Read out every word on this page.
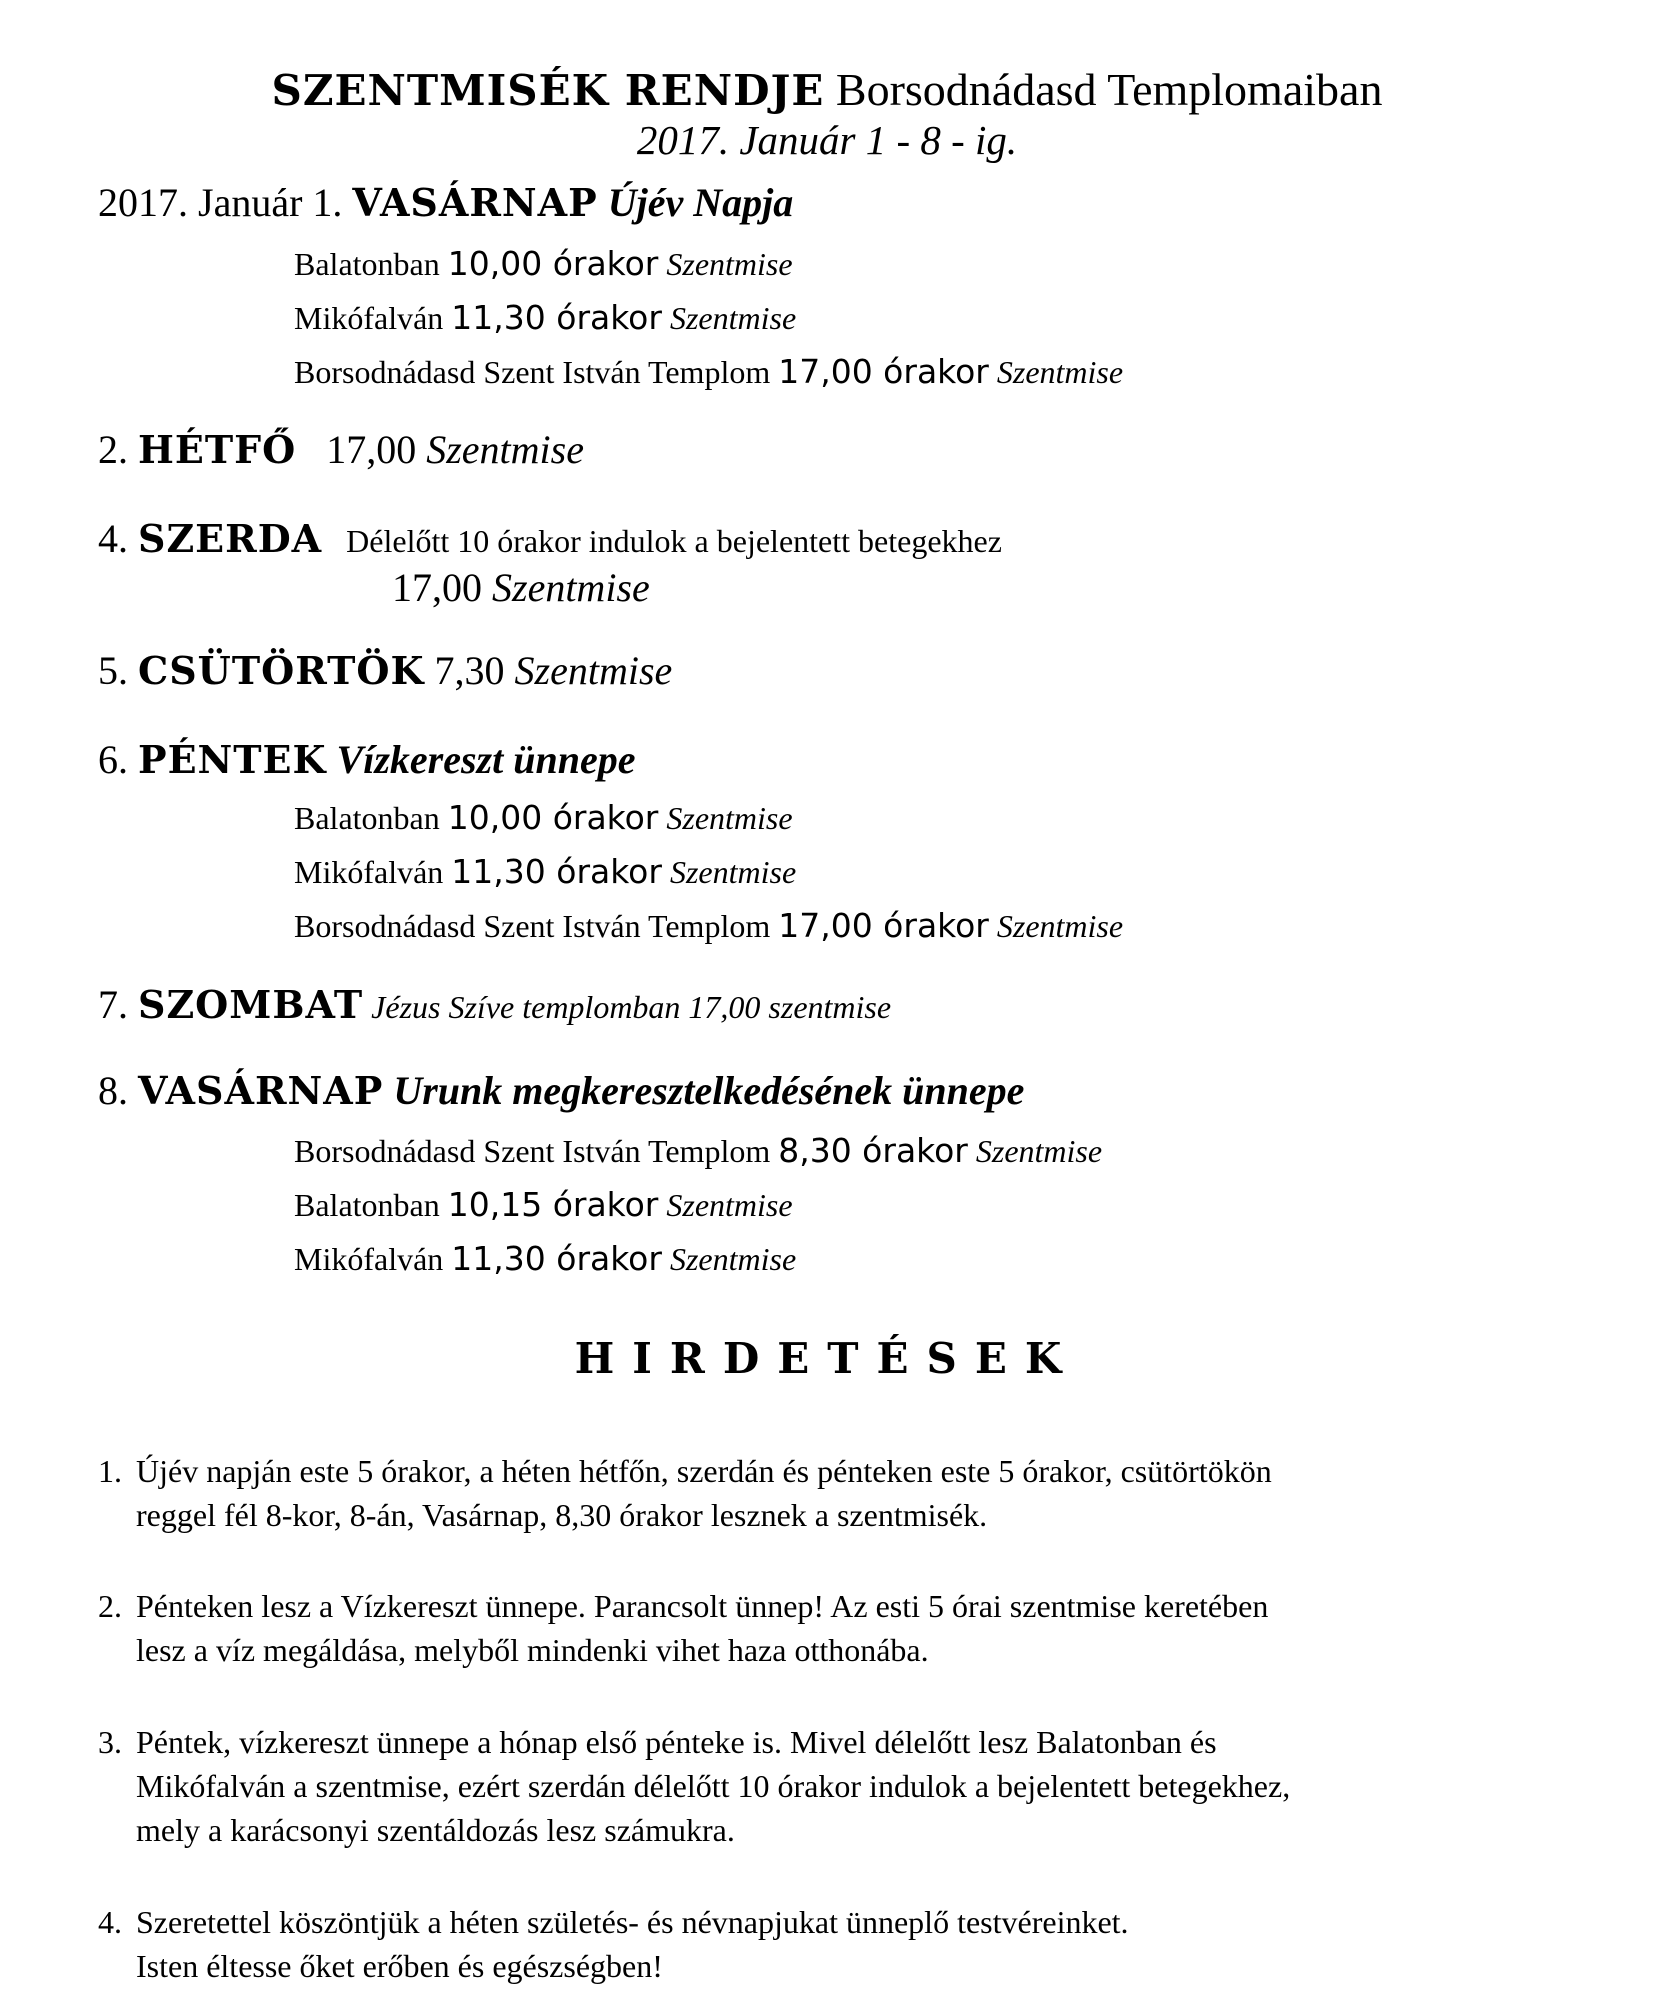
SZENTMISÉK RENDJE Borsodnádasd Templomaiban
2017. Január 1 - 8 - ig.
2017. Január 1. VASÁRNAP Újév Napja
Balatonban 10,00 órakor Szentmise
Mikófalván 11,30 órakor Szentmise
Borsodnádasd Szent István Templom 17,00 órakor Szentmise
2. HÉTFŐ   17,00 Szentmise
4. SZERDA   Délelőtt 10 órakor indulok a bejelentett betegekhez
17,00 Szentmise
5. CSÜTÖRTÖK 7,30 Szentmise
6. PÉNTEK Vízkereszt ünnepe
Balatonban 10,00 órakor Szentmise
Mikófalván 11,30 órakor Szentmise
Borsodnádasd Szent István Templom 17,00 órakor Szentmise
7. SZOMBAT Jézus Szíve templomban 17,00 szentmise
8. VASÁRNAP Urunk megkeresztelkedésének ünnepe
Borsodnádasd Szent István Templom 8,30 órakor Szentmise
Balatonban 10,15 órakor Szentmise
Mikófalván 11,30 órakor Szentmise
HIRDETÉSEK
1. Újév napján este 5 órakor, a héten hétfőn, szerdán és pénteken este 5 órakor, csütörtökön
reggel fél 8-kor, 8-án, Vasárnap, 8,30 órakor lesznek a szentmisék.
2. Pénteken lesz a Vízkereszt ünnepe. Parancsolt ünnep! Az esti 5 órai szentmise keretében
lesz a víz megáldása, melyből mindenki vihet haza otthonába.
3. Péntek, vízkereszt ünnepe a hónap első pénteke is. Mivel délelőtt lesz Balatonban és
Mikófalván a szentmise, ezért szerdán délelőtt 10 órakor indulok a bejelentett betegekhez,
mely a karácsonyi szentáldozás lesz számukra.
4. Szeretettel köszöntjük a héten születés- és névnapjukat ünneplő testvéreinket.
Isten éltesse őket erőben és egészségben!
